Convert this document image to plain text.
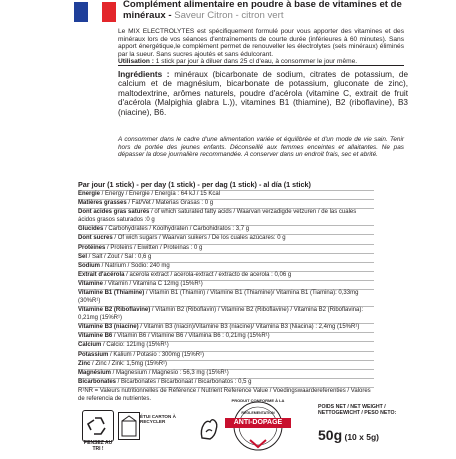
Complément alimentaire en poudre à base de vitamines et de minéraux - Saveur Citron - citron vert
Le MIX ELECTROLYTES est spécifiquement formulé pour vous apporter des vitamines et des minéraux lors de vos séances d'entraînements de courte durée (inférieures à 60 minutes). Sans apport énergétique,le complément permet de renouveller les électrolytes (sels minéraux) éliminés par la sueur. Sans sucres ajoutés et sans édulcorant.
Utilisation : 1 stick par jour à diluer dans 25 cl d'eau, à consommer le jour même.
Ingrédients : minéraux (bicarbonate de sodium, citrates de potassium, de calcium et de magnésium, bicarbonate de potassium, gluconate de zinc), maltodextrine, arômes naturels, poudre d'acérola (vitamine C, extrait de fruit d'acérola (Malpighia glabra L.)), vitamines B1 (thiamine), B2 (riboflavine), B3 (niacine), B6.
A consommer dans le cadre d'une alimentation variée et équilibrée et d'un mode de vie sain. Tenir hors de portée des jeunes enfants. Déconseillé aux femmes enceintes et allaitantes. Ne pas dépasser la dose journalière recommandée. A conserver dans un endroit frais, sec et abrité.
Par jour (1 stick) - per day (1 stick) - per dag (1 stick) - al día (1 stick)
Energie / Energy / Energie / Energía : 64 kJ / 15 Kcal
Matières grasses / Fat/Vet / Materias Grasas : 0 g
Dont acides gras saturés / of which saturated fatty acids / Waarvan verzadigde vetzuren / de las cuales ácidos grasos saturados :0 g
Glucides / Carbohydrates / Koolhydraten / Carbohidratos : 3,7 g
Dont sucres / Of wich sugars / Waarvan suikers / De los cuales azúcares: 0 g
Protéines / Proteins / Eiwitten / Proteínas : 0 g
Sel / Salt / Zout / Sal : 0,6 g
Sodium / Natrium / Sodio: 240 mg
Extrait d'acérola / acerola extract / acerola-extract / extracto de acerola : 0,06 g
Vitamine / Vitamin / Vitamina C 12mg (15%R¹)
Vitamine B1 (Thiamine) / Vitamin B1 (Thiamin) / Vitamine B1 (Thiamine)/ Vitamina B1 (Tiamina): 0,33mg (30%R¹)
Vitamine B2 (Riboflavine) / Vitamin B2 (Riboflavin) / Vitamine B2 (Riboflavine) / Vitamina B2 (Riboflavina): 0,21mg (15%R¹)
Vitamine B3 (niacine) / Vitamin B3 (niacin)/Vitamine B3 (niacine)/ Vitamina B3 (Niacina) : 2,4mg (15%R¹)
Vitamine B6 / Vitamin B6 / Vitamine B6 / Vitamina B6 : 0,21mg (15%R¹)
Calcium / Calcio: 121mg (15%R¹)
Potassium / Kalium / Potasio : 300mg (15%R¹)
Zinc / Zinc / Zink: 1,5mg (15%R¹)
Magnésium / Magnesium / Magnesio : 56,3 mg (15%R¹)
Bicarbonates / Bicarbonates / Bicarbonaat / Bicarbonatos : 0,5 g
R¹NR = Valeurs nutritionnelles de Référence / Nutrient Reference Value / Voedingswaardereferenties / Valores de referencia de nutrientes.
PENSEZ AU TRI !
ÉTUI CARTON À RECYCLER
PRODUIT CONFORME À LA
RÉGLEMENTATION
ANTI-DOPAGE
POIDS NET / NET WEIGHT /
NETTOGEWICHT / PESO NETO:
50g (10 x 5g)
